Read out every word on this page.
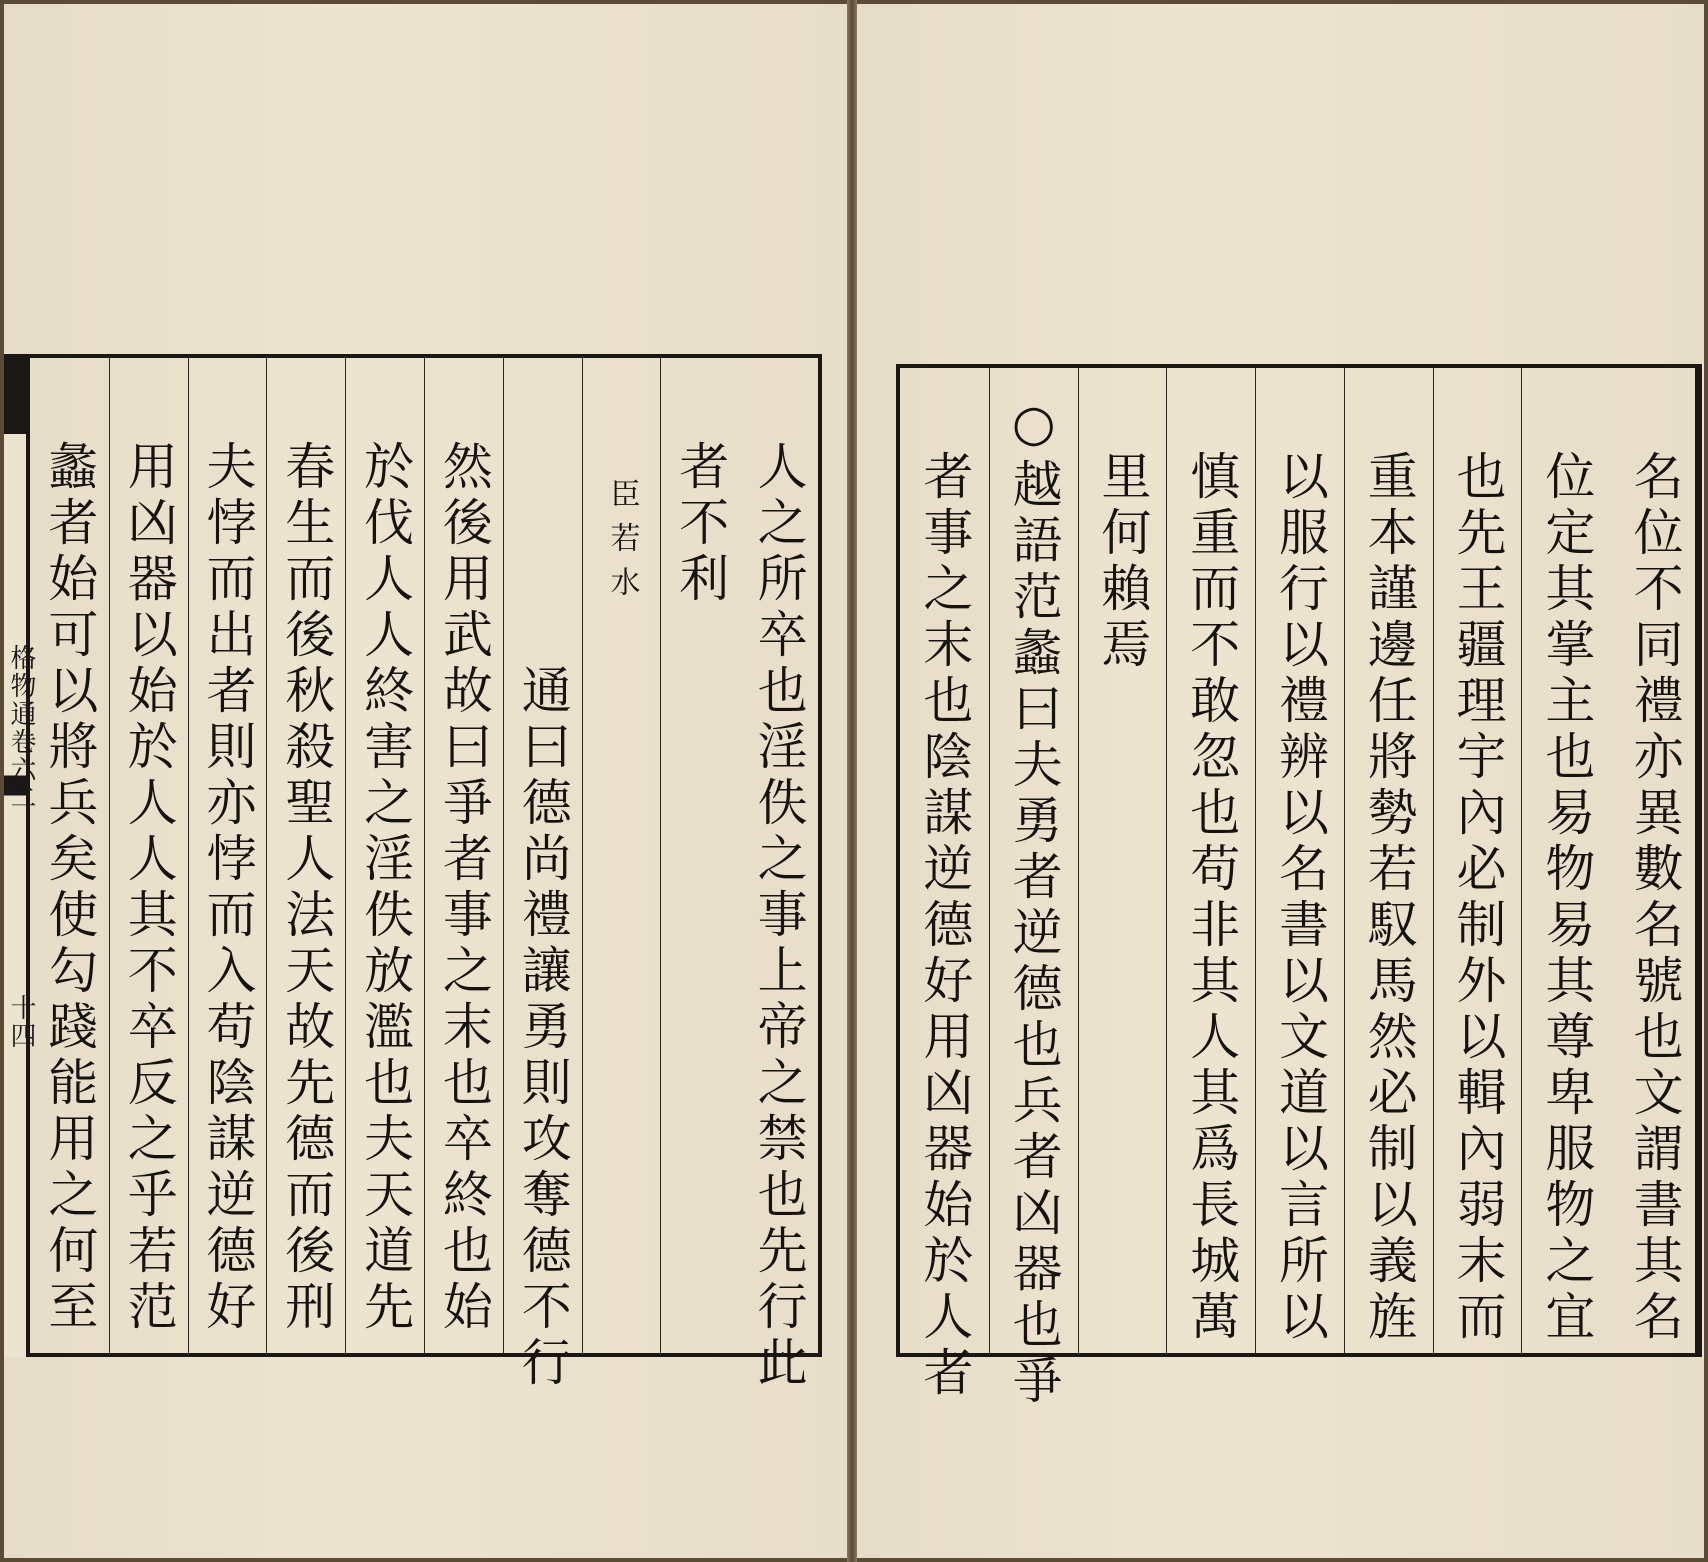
格物通卷六二
十四	人之所卒也淫佚之事上帝之禁也先行此
者不利
臣若水
通曰德尚禮讓勇則攻奪德不行
然後用武故曰爭者事之末也卒終也始
於伐人人終害之淫佚放濫也夫天道先
春生而後秋殺聖人法天故先德而後刑
夫悖而出者則亦悖而入苟陰謀逆德好
用凶器以始於人人其不卒反之乎若范
蠡者始可以將兵矣使勾踐能用之何至	名位不同禮亦異數名號也文謂書其名
位定其掌主也易物易其尊卑服物之宜
也先王疆理宇內必制外以輯內弱末而
重本謹邊任將勢若馭馬然必制以義旌
以服行以禮辨以名書以文道以言所以
慎重而不敢忽也苟非其人其爲長城萬
里何賴焉
○越語范蠡曰夫勇者逆德也兵者凶器也爭
者事之末也陰謀逆德好用凶器始於人者
